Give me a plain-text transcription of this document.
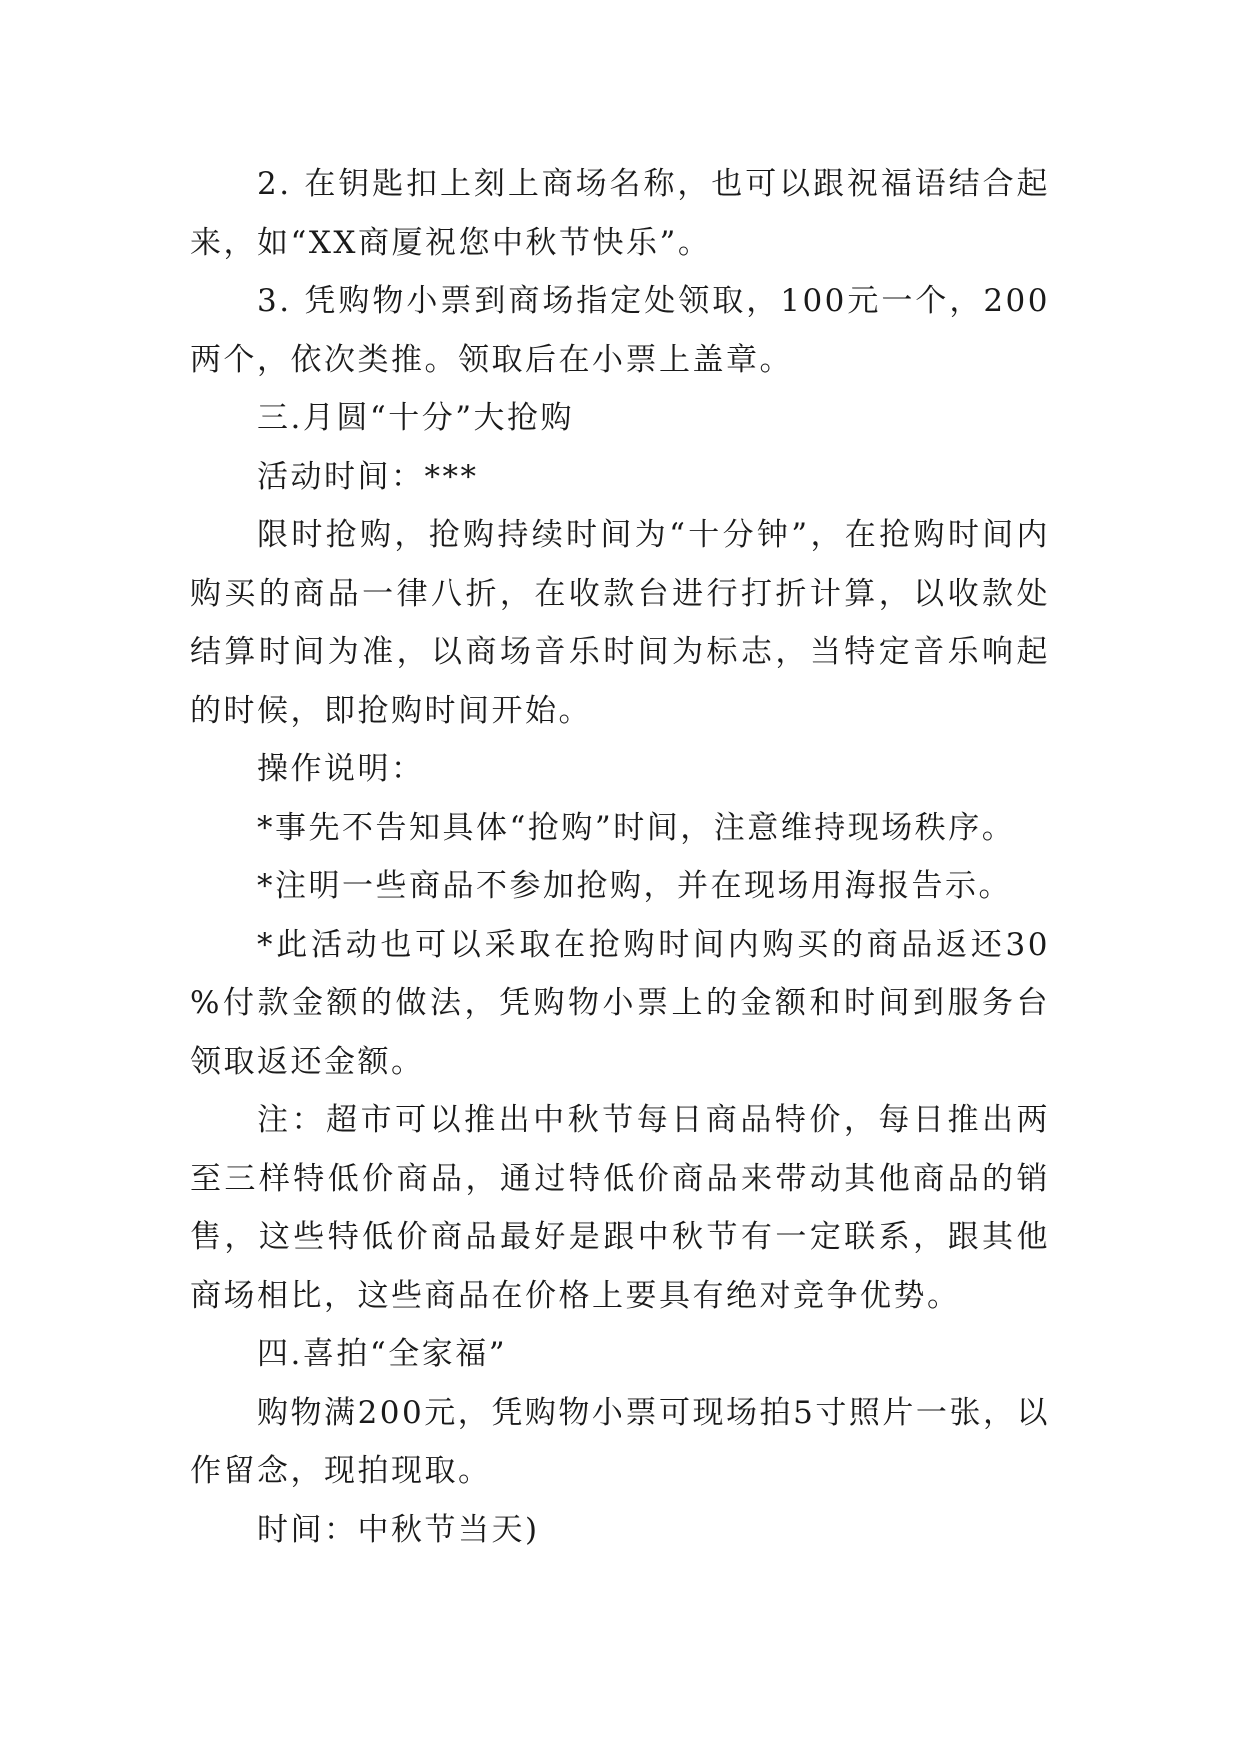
2. 在钥匙扣上刻上商场名称，也可以跟祝福语结合起来，如“XX商厦祝您中秋节快乐”。

3. 凭购物小票到商场指定处领取，100元一个，200两个，依次类推。领取后在小票上盖章。

三.月圆“十分”大抢购

活动时间：***

限时抢购，抢购持续时间为“十分钟”，在抢购时间内购买的商品一律八折，在收款台进行打折计算，以收款处结算时间为准，以商场音乐时间为标志，当特定音乐响起的时候，即抢购时间开始。

操作说明：

*事先不告知具体“抢购”时间，注意维持现场秩序。

*注明一些商品不参加抢购，并在现场用海报告示。

*此活动也可以采取在抢购时间内购买的商品返还30%付款金额的做法，凭购物小票上的金额和时间到服务台领取返还金额。

注：超市可以推出中秋节每日商品特价，每日推出两至三样特低价商品，通过特低价商品来带动其他商品的销售，这些特低价商品最好是跟中秋节有一定联系，跟其他商场相比，这些商品在价格上要具有绝对竞争优势。

四.喜拍“全家福”

购物满200元，凭购物小票可现场拍5寸照片一张，以作留念，现拍现取。

时间：中秋节当天)
